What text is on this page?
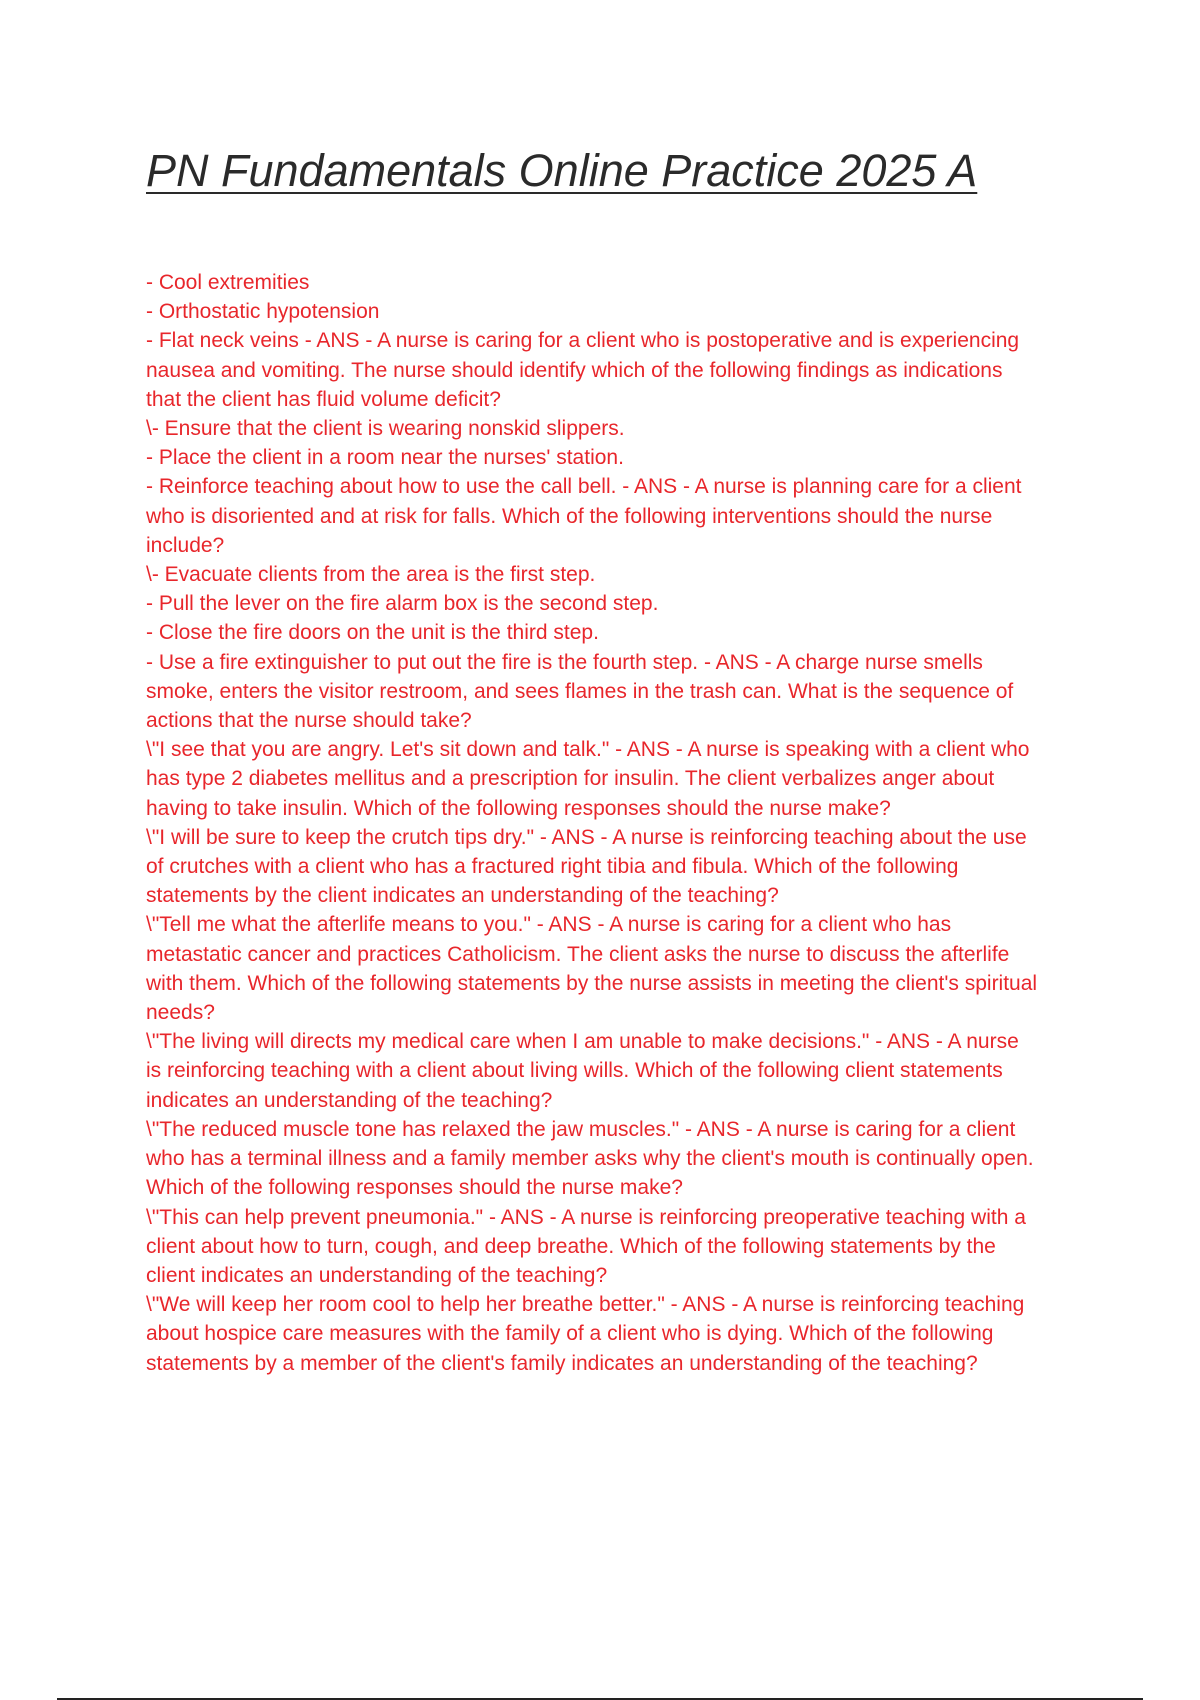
PN Fundamentals Online Practice 2025 A
- Cool extremities
- Orthostatic hypotension
- Flat neck veins - ANS - A nurse is caring for a client who is postoperative and is experiencing
nausea and vomiting. The nurse should identify which of the following findings as indications
that the client has fluid volume deficit?
\- Ensure that the client is wearing nonskid slippers.
- Place the client in a room near the nurses' station.
- Reinforce teaching about how to use the call bell. - ANS - A nurse is planning care for a client
who is disoriented and at risk for falls. Which of the following interventions should the nurse
include?
\- Evacuate clients from the area is the first step.
- Pull the lever on the fire alarm box is the second step.
- Close the fire doors on the unit is the third step.
- Use a fire extinguisher to put out the fire is the fourth step. - ANS - A charge nurse smells
smoke, enters the visitor restroom, and sees flames in the trash can. What is the sequence of
actions that the nurse should take?
\"I see that you are angry. Let's sit down and talk." - ANS - A nurse is speaking with a client who
has type 2 diabetes mellitus and a prescription for insulin. The client verbalizes anger about
having to take insulin. Which of the following responses should the nurse make?
\"I will be sure to keep the crutch tips dry." - ANS - A nurse is reinforcing teaching about the use
of crutches with a client who has a fractured right tibia and fibula. Which of the following
statements by the client indicates an understanding of the teaching?
\"Tell me what the afterlife means to you." - ANS - A nurse is caring for a client who has
metastatic cancer and practices Catholicism. The client asks the nurse to discuss the afterlife
with them. Which of the following statements by the nurse assists in meeting the client's spiritual
needs?
\"The living will directs my medical care when I am unable to make decisions." - ANS - A nurse
is reinforcing teaching with a client about living wills. Which of the following client statements
indicates an understanding of the teaching?
\"The reduced muscle tone has relaxed the jaw muscles." - ANS - A nurse is caring for a client
who has a terminal illness and a family member asks why the client's mouth is continually open.
Which of the following responses should the nurse make?
\"This can help prevent pneumonia." - ANS - A nurse is reinforcing preoperative teaching with a
client about how to turn, cough, and deep breathe. Which of the following statements by the
client indicates an understanding of the teaching?
\"We will keep her room cool to help her breathe better." - ANS - A nurse is reinforcing teaching
about hospice care measures with the family of a client who is dying. Which of the following
statements by a member of the client's family indicates an understanding of the teaching?
